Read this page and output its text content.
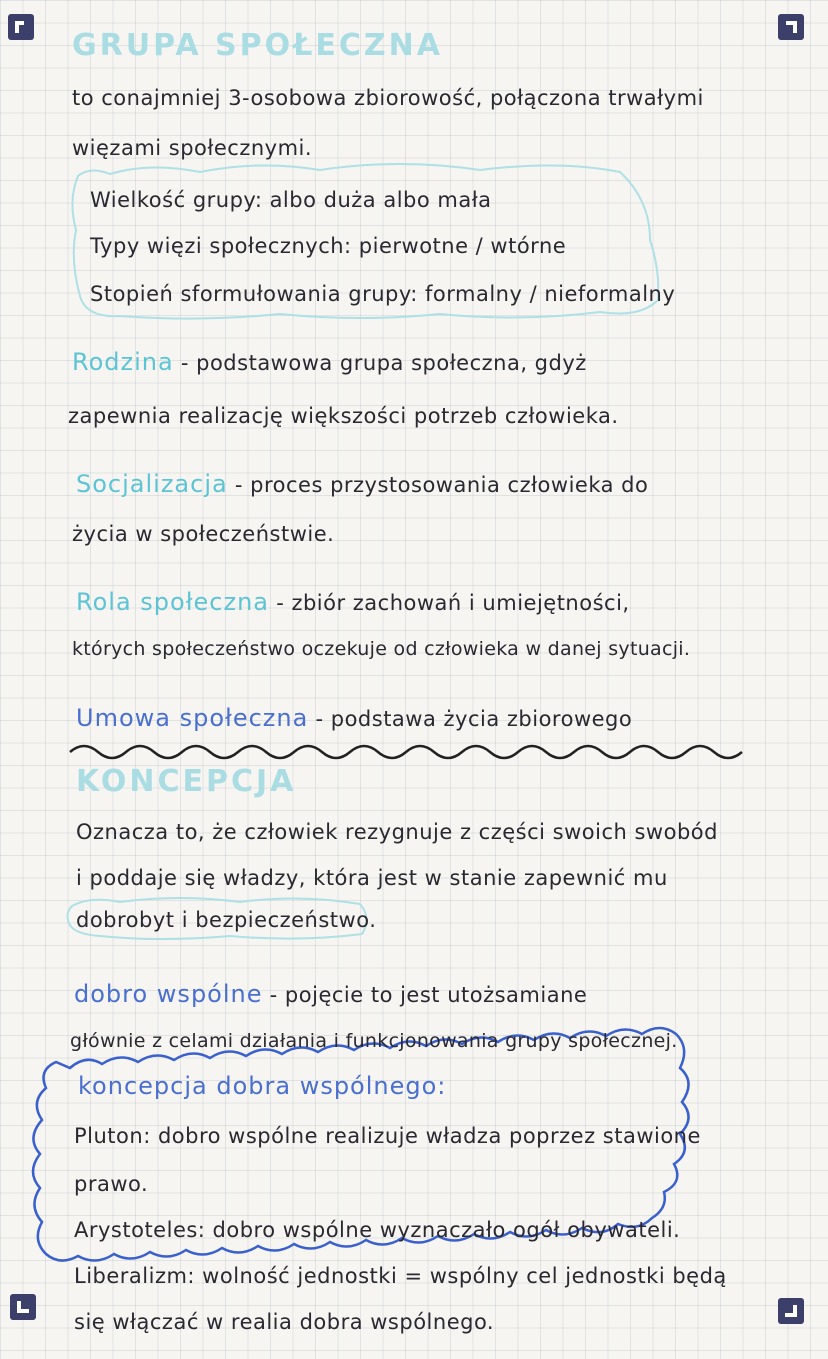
GRUPA SPOŁECZNA
to conajmniej 3-osobowa zbiorowość, połączona trwałymi
więzami społecznymi.
Wielkość grupy: albo duża albo mała
Typy więzi społecznych: pierwotne / wtórne
Stopień sformułowania grupy: formalny / nieformalny
Rodzina - podstawowa grupa społeczna, gdyż
zapewnia realizację większości potrzeb człowieka.
Socjalizacja - proces przystosowania człowieka do
życia w społeczeństwie.
Rola społeczna - zbiór zachowań i umiejętności,
których społeczeństwo oczekuje od człowieka w danej sytuacji.
Umowa społeczna - podstawa życia zbiorowego
KONCEPCJA
Oznacza to, że człowiek rezygnuje z części swoich swobód
i poddaje się władzy, która jest w stanie zapewnić mu
dobrobyt i bezpieczeństwo.
dobro wspólne - pojęcie to jest utożsamiane
głównie z celami działania i funkcjonowania grupy społecznej.
koncepcja dobra wspólnego:
Pluton: dobro wspólne realizuje władza poprzez stawione
prawo.
Arystoteles: dobro wspólne wyznaczało ogół obywateli.
Liberalizm: wolność jednostki = wspólny cel jednostki będą
się włączać w realia dobra wspólnego.
